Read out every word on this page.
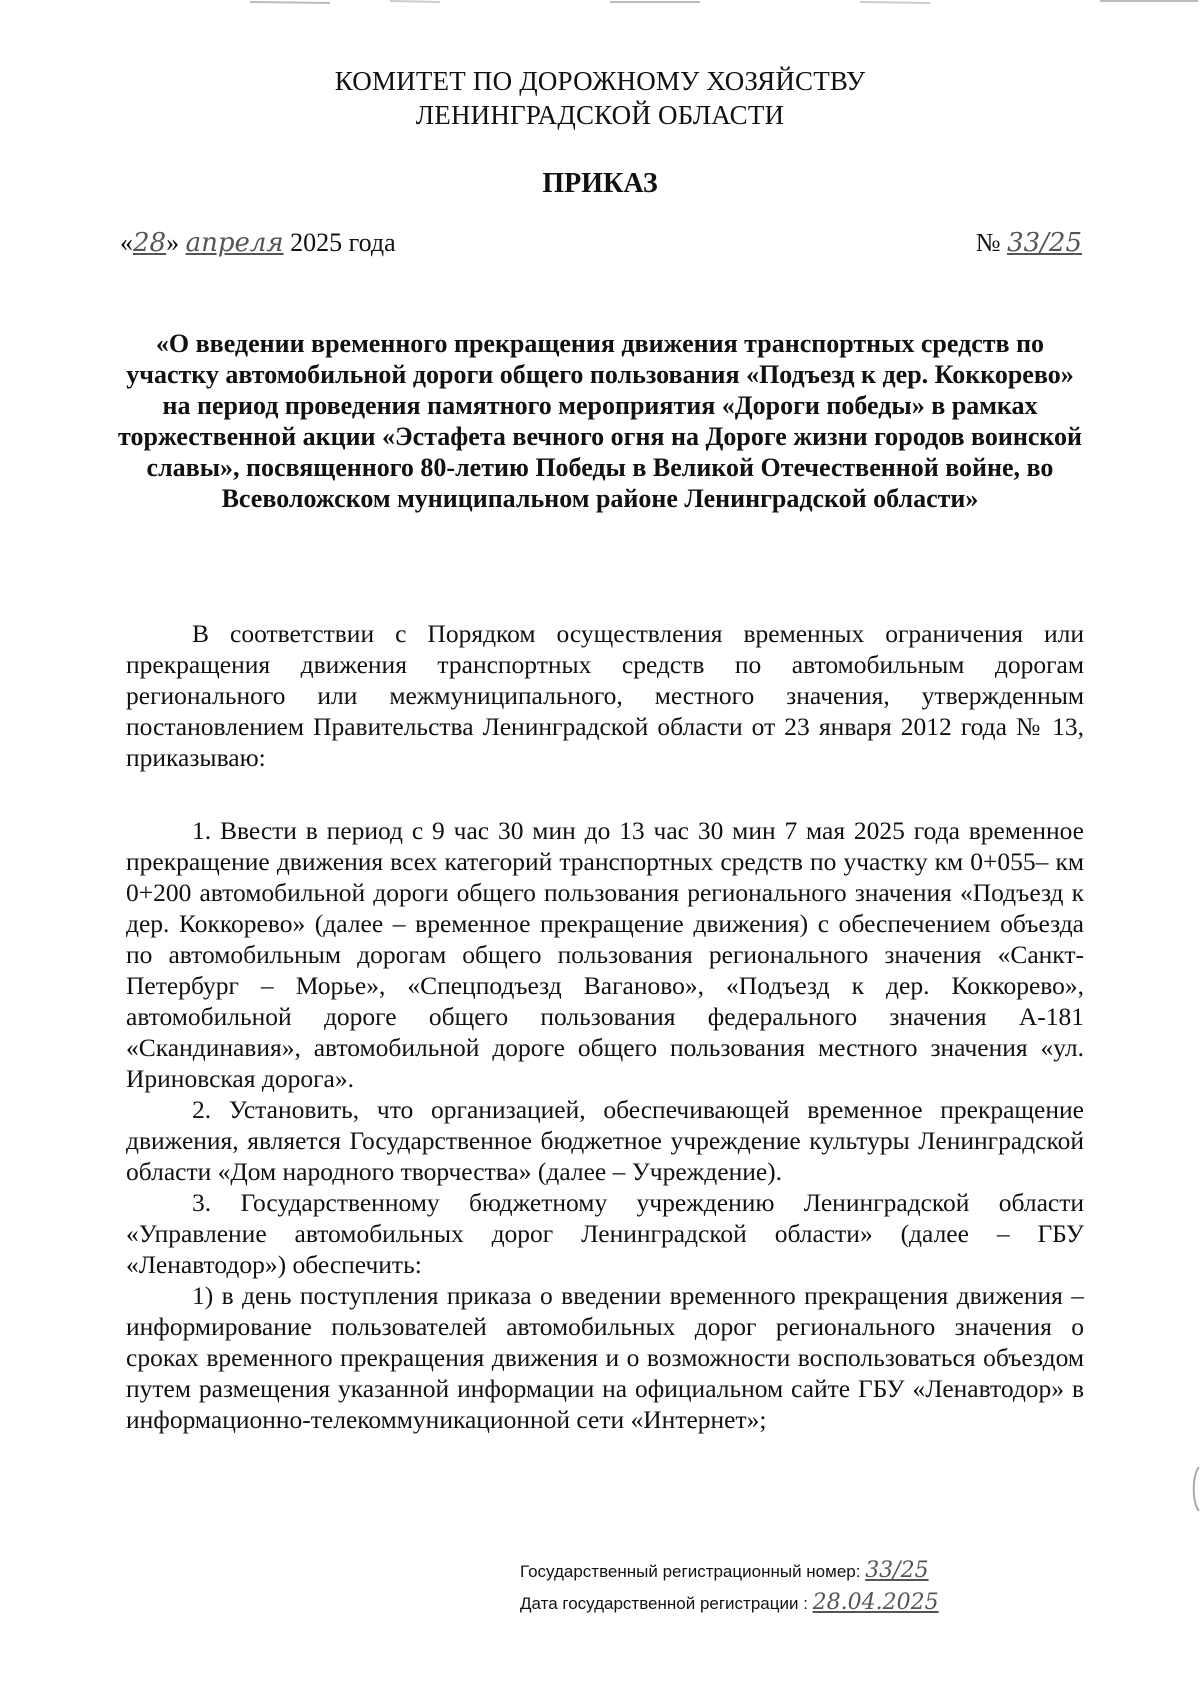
КОМИТЕТ ПО ДОРОЖНОМУ ХОЗЯЙСТВУ
ЛЕНИНГРАДСКОЙ ОБЛАСТИ
ПРИКАЗ
«28» апреля 2025 года	№ 33/25
«О введении временного прекращения движения транспортных средств по участку автомобильной дороги общего пользования «Подъезд к дер. Коккорево» на период проведения памятного мероприятия «Дороги победы» в рамках торжественной акции «Эстафета вечного огня на Дороге жизни городов воинской славы», посвященного 80-летию Победы в Великой Отечественной войне, во Всеволожском муниципальном районе Ленинградской области»

В соответствии с Порядком осуществления временных ограничения или прекращения движения транспортных средств по автомобильным дорогам регионального или межмуниципального, местного значения, утвержденным постановлением Правительства Ленинградской области от 23 января 2012 года № 13, приказываю:

1. Ввести в период с 9 час 30 мин до 13 час 30 мин 7 мая 2025 года временное прекращение движения всех категорий транспортных средств по участку км 0+055– км 0+200 автомобильной дороги общего пользования регионального значения «Подъезд к дер. Коккорево» (далее – временное прекращение движения) с обеспечением объезда по автомобильным дорогам общего пользования регионального значения «Санкт-Петербург – Морье», «Спецподъезд Ваганово», «Подъезд к дер. Коккорево», автомобильной дороге общего пользования федерального значения А-181 «Скандинавия», автомобильной дороге общего пользования местного значения «ул. Ириновская дорога».

2. Установить, что организацией, обеспечивающей временное прекращение движения, является Государственное бюджетное учреждение культуры Ленинградской области «Дом народного творчества» (далее – Учреждение).

3. Государственному бюджетному учреждению Ленинградской области «Управление автомобильных дорог Ленинградской области» (далее – ГБУ «Ленавтодор») обеспечить:

1) в день поступления приказа о введении временного прекращения движения – информирование пользователей автомобильных дорог регионального значения о сроках временного прекращения движения и о возможности воспользоваться объездом путем размещения указанной информации на официальном сайте ГБУ «Ленавтодор» в информационно-телекоммуникационной сети «Интернет»;

Государственный регистрационный номер: 33/25
Дата государственной регистрации : 28.04.2025
